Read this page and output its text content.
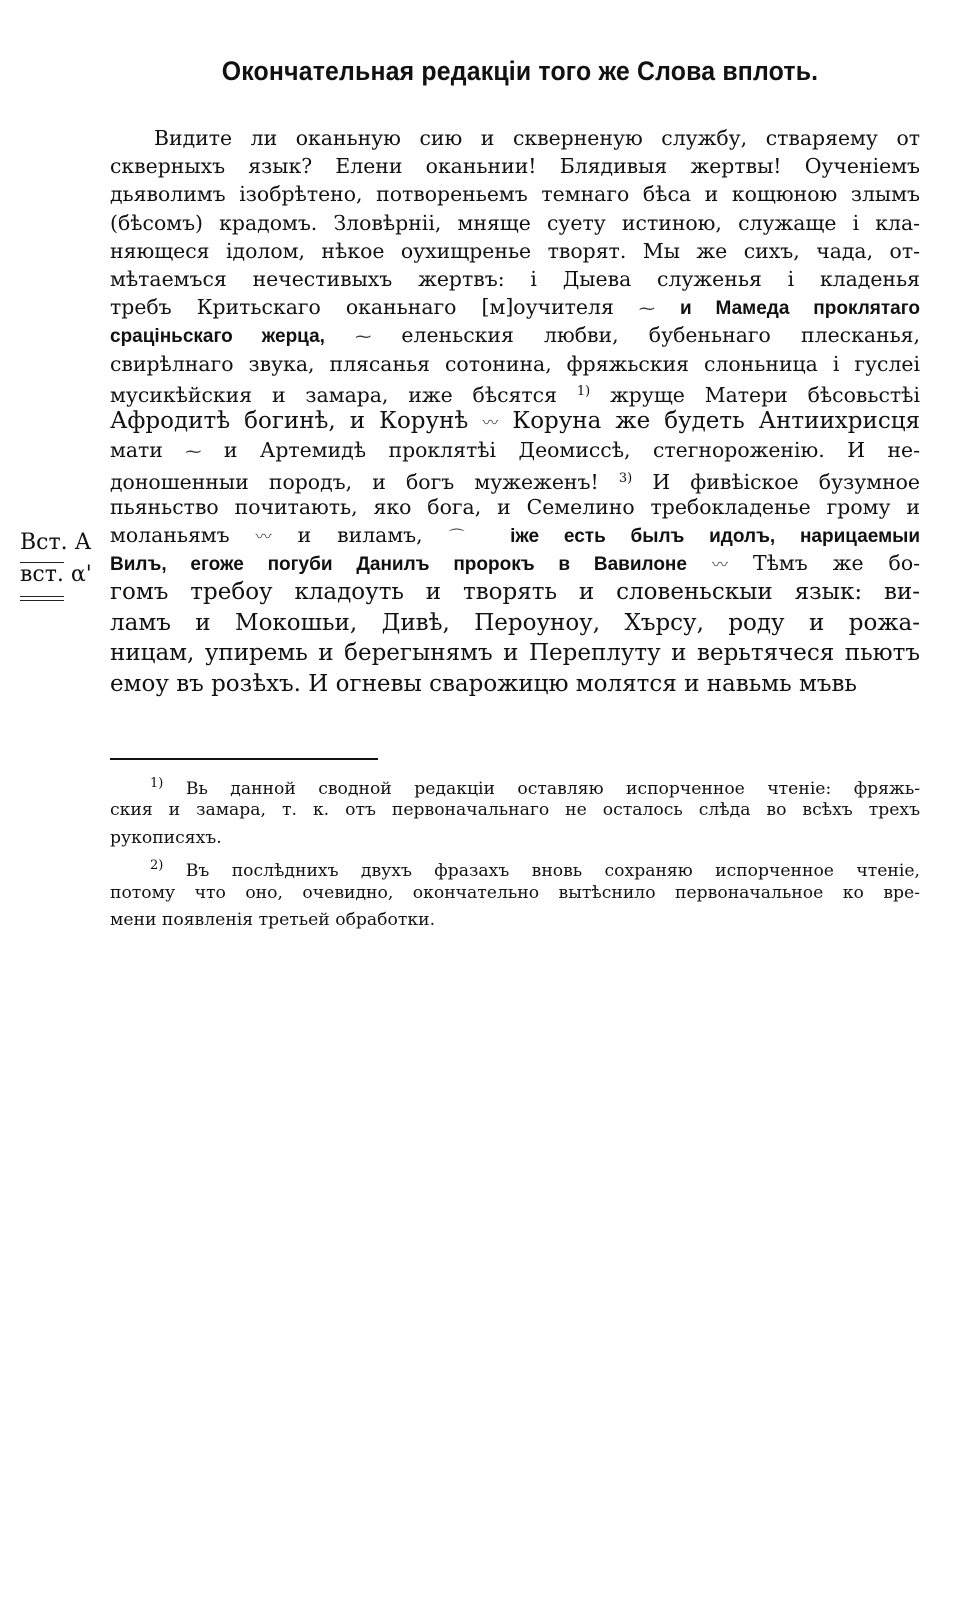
Окончательная редакціи того же Слова вплоть.
Вст. А
вст. α'
Видите ли оканьную сию и скверненую службу, ствaряему от
скверныхъ язык? Елени оканьнии! Блядивыя жертвы! Оученіемъ
дьяволимъ ізобрѣтено, потвореньемъ темнаго бѣса и кощюною злымъ
(бѣсомъ) крадомъ. Зловѣрніі, мняще суету истиною, служаще і кла-
няющеся ідолом, нѣкое оухищренье творят. Мы же сихъ, чада, от-
мѣтаемъся нечестивыхъ жертвъ: і Дыева служенья і кладенья
требъ Критьскаго оканьнаго [м]оучителя ⁓ и Мамеда проклятаго
сраціньскаго жерца, ⁓ еленьския любви, бубеньнаго плесканья,
свирѣлнаго звука, плясанья сотонина, фряжьския слоньница і гуслеі
мусикѣйския и замара, иже бѣсятся $^{1)}$ жруще Матери бѣсовьстѣі
Афродитѣ богинѣ, и Корунѣ 〰 Коруна же будеть Антиихрисця
мати ⁓ и Артемидѣ проклятѣі Деомиссѣ, стегнороженію. И не-
доношенныи породъ, и богъ мужеженъ! $^{3)}$ И фивѣіское бузумное
пьяньство почитають, яко бога, и Семелино требокладенье грому и
моланьямъ 〰 и виламъ, ⌒ іже есть былъ идолъ, нарицаемыи
Вилъ, егоже погуби Данилъ пророкъ в Вавилоне 〰 Тѣмъ же бо-
гомъ требоу кладоуть и творять и словеньскыи язык: ви-
ламъ и Мокошьи, Дивѣ, Пероуноу, Хърсу, роду и рожа-
ницам, упиремь и берегынямъ и Переплуту и верьтячеся пьютъ
емоу въ розѣхъ. И огневы сварожицю молятся и навьмь мъвь
$^{1)}$ Вь данной сводной редакціи оставляю испорченное чтеніе: фряжь-
ския и замара, т. к. отъ первоначальнаго не осталось слѣда во всѣхъ трехъ
рукописяхъ.
$^{2)}$ Въ послѣднихъ двухъ фразахъ вновь сохраняю испорченное чтеніе,
потому что оно, очевидно, окончательно вытѣснило первоначальное ко вре-
мени появленія третьей обработки.
